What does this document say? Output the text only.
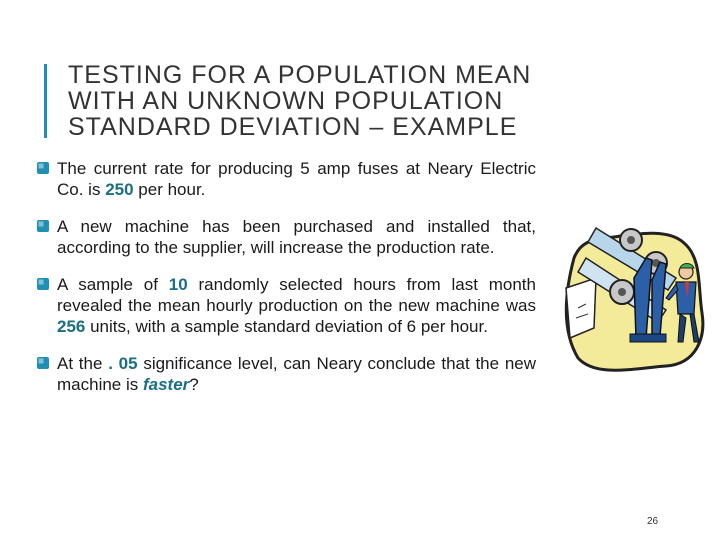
TESTING FOR A POPULATION MEAN
WITH AN UNKNOWN POPULATION
STANDARD DEVIATION – EXAMPLE
The current rate for producing 5 amp fuses at Neary Electric Co. is 250 per hour.
A new machine has been purchased and installed that, according to the supplier, will increase the production rate.
A sample of 10 randomly selected hours from last month revealed the mean hourly production on the new machine was 256 units, with a sample standard deviation of 6 per hour.
At the . 05 significance level, can Neary conclude that the new machine is faster?
26
